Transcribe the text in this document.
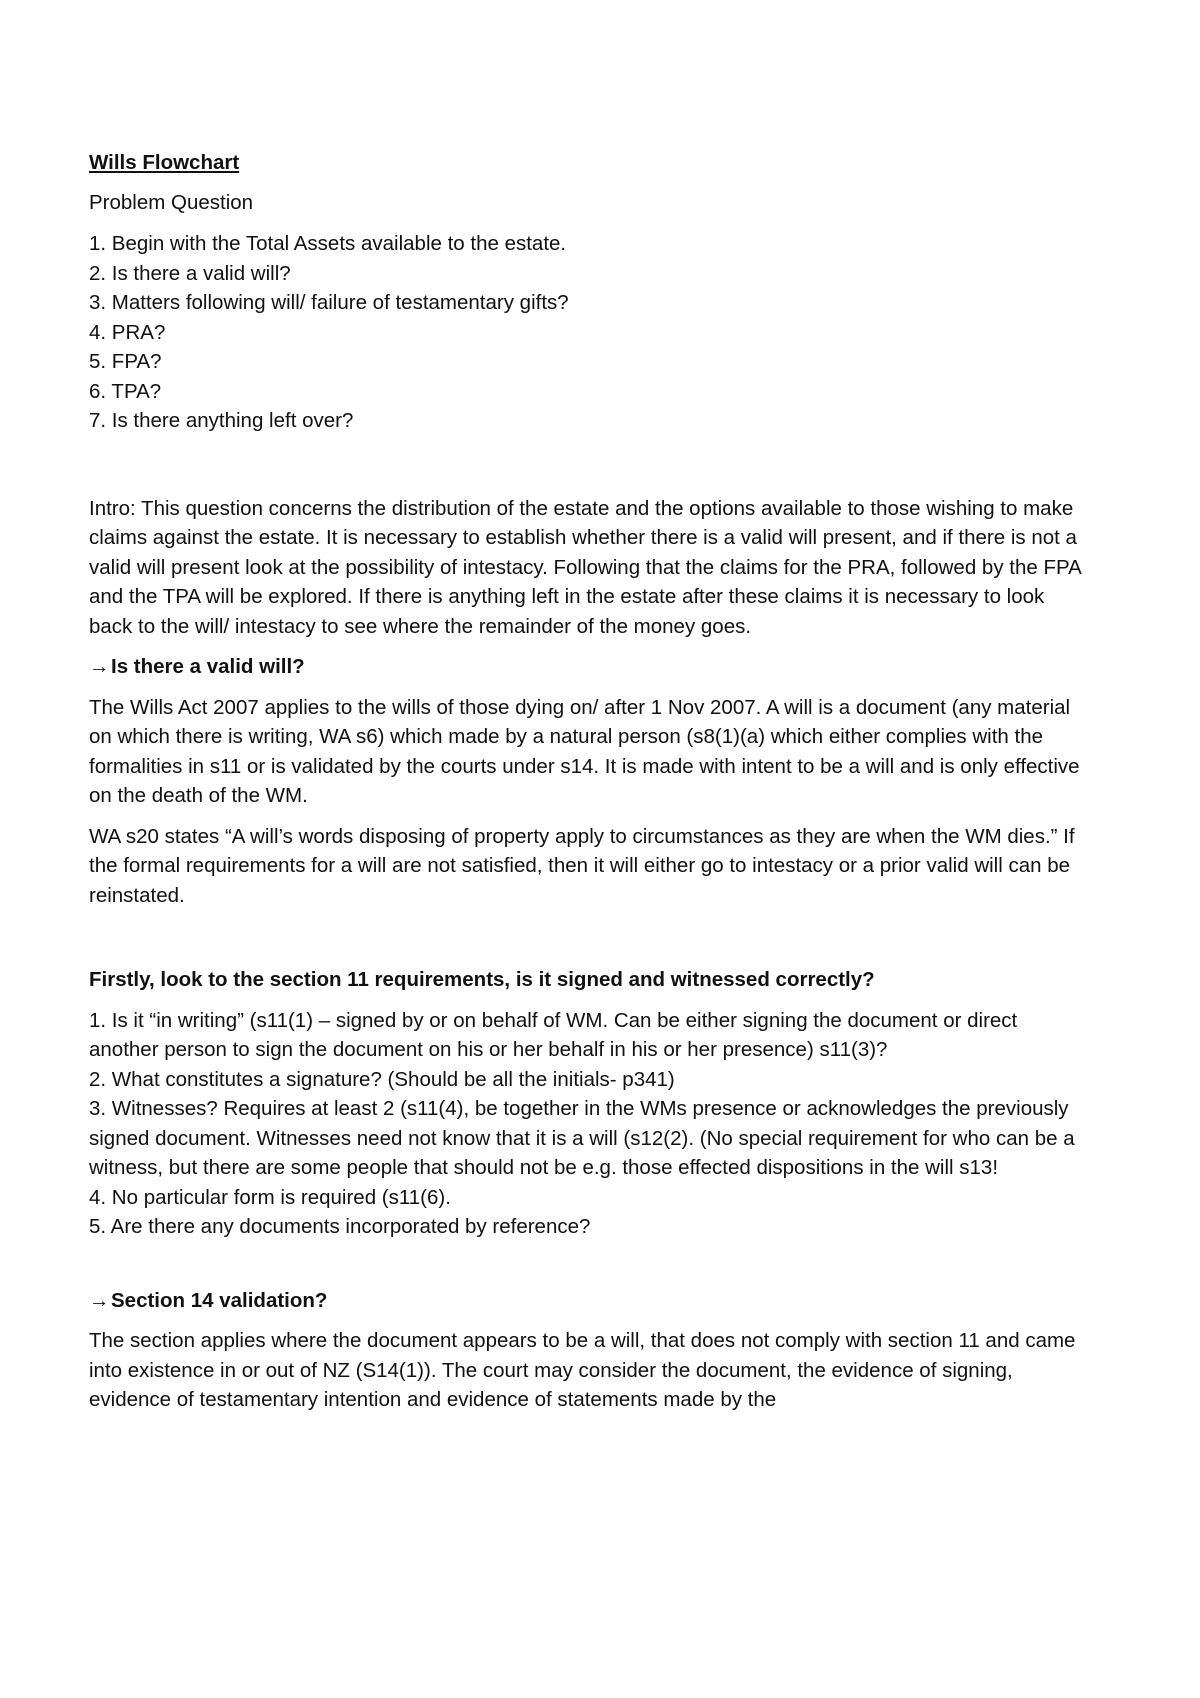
Wills Flowchart
Problem Question
1. Begin with the Total Assets available to the estate.
2. Is there a valid will?
3. Matters following will/ failure of testamentary gifts?
4. PRA?
5. FPA?
6. TPA?
7. Is there anything left over?

Intro: This question concerns the distribution of the estate and the options available to those wishing to make claims against the estate. It is necessary to establish whether there is a valid will present, and if there is not a valid will present look at the possibility of intestacy. Following that the claims for the PRA, followed by the FPA and the TPA will be explored. If there is anything left in the estate after these claims it is necessary to look back to the will/ intestacy to see where the remainder of the money goes.

→Is there a valid will?

The Wills Act 2007 applies to the wills of those dying on/ after 1 Nov 2007. A will is a document (any material on which there is writing, WA s6) which made by a natural person (s8(1)(a) which either complies with the formalities in s11 or is validated by the courts under s14. It is made with intent to be a will and is only effective on the death of the WM.

WA s20 states “A will’s words disposing of property apply to circumstances as they are when the WM dies.” If the formal requirements for a will are not satisfied, then it will either go to intestacy or a prior valid will can be reinstated.

Firstly, look to the section 11 requirements, is it signed and witnessed correctly?
1. Is it “in writing” (s11(1) – signed by or on behalf of WM. Can be either signing the document or direct another person to sign the document on his or her behalf in his or her presence) s11(3)?
2. What constitutes a signature? (Should be all the initials- p341)
3. Witnesses? Requires at least 2 (s11(4), be together in the WMs presence or acknowledges the previously signed document. Witnesses need not know that it is a will (s12(2). (No special requirement for who can be a witness, but there are some people that should not be e.g. those effected dispositions in the will s13!
4. No particular form is required (s11(6).
5. Are there any documents incorporated by reference?
→Section 14 validation?

The section applies where the document appears to be a will, that does not comply with section 11 and came into existence in or out of NZ (S14(1)). The court may consider the document, the evidence of signing, evidence of testamentary intention and evidence of statements made by the
